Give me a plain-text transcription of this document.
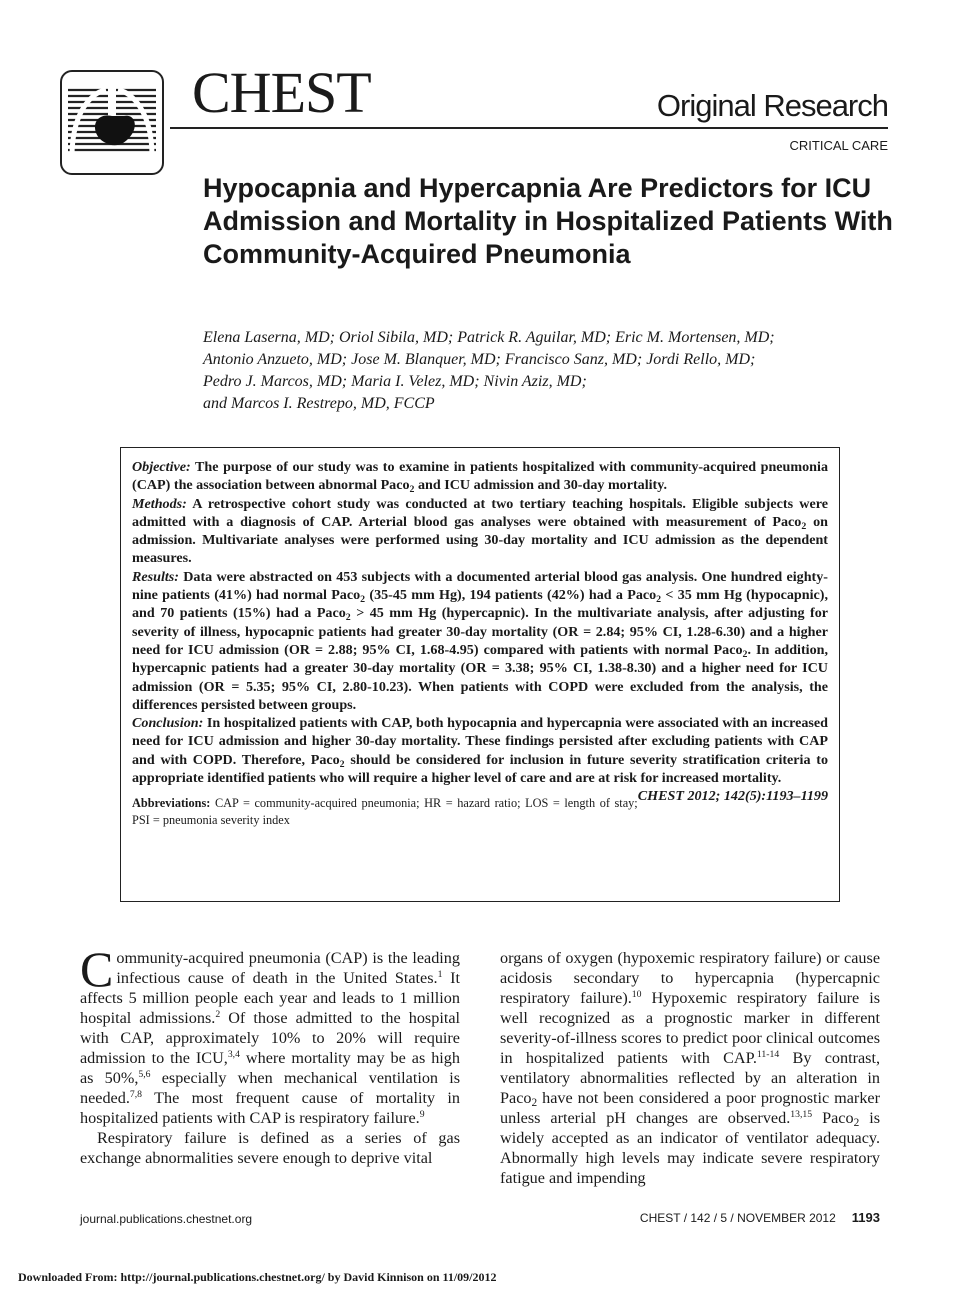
CHEST	Original Research
CRITICAL CARE
Hypocapnia and Hypercapnia Are Predictors for ICU Admission and Mortality in Hospitalized Patients With Community-Acquired Pneumonia
Elena Laserna, MD; Oriol Sibila, MD; Patrick R. Aguilar, MD; Eric M. Mortensen, MD;
Antonio Anzueto, MD; Jose M. Blanquer, MD; Francisco Sanz, MD; Jordi Rello, MD;
Pedro J. Marcos, MD; Maria I. Velez, MD; Nivin Aziz, MD;
and Marcos I. Restrepo, MD, FCCP

Objective: The purpose of our study was to examine in patients hospitalized with community-acquired pneumonia (CAP) the association between abnormal Paco$_2$ and ICU admission and 30-day mortality.

Methods: A retrospective cohort study was conducted at two tertiary teaching hospitals. Eligible subjects were admitted with a diagnosis of CAP. Arterial blood gas analyses were obtained with measurement of Paco$_2$ on admission. Multivariate analyses were performed using 30-day mortality and ICU admission as the dependent measures.

Results: Data were abstracted on 453 subjects with a documented arterial blood gas analysis. One hundred eighty-nine patients (41%) had normal Paco$_2$ (35-45 mm Hg), 194 patients (42%) had a Paco$_2$ < 35 mm Hg (hypocapnic), and 70 patients (15%) had a Paco$_2$ > 45 mm Hg (hypercapnic). In the multivariate analysis, after adjusting for severity of illness, hypocapnic patients had greater 30-day mortality (OR = 2.84; 95% CI, 1.28-6.30) and a higher need for ICU admission (OR = 2.88; 95% CI, 1.68-4.95) compared with patients with normal Paco$_2$. In addition, hypercapnic patients had a greater 30-day mortality (OR = 3.38; 95% CI, 1.38-8.30) and a higher need for ICU admission (OR = 5.35; 95% CI, 2.80-10.23). When patients with COPD were excluded from the analysis, the differences persisted between groups.

Conclusion: In hospitalized patients with CAP, both hypocapnia and hypercapnia were associated with an increased need for ICU admission and higher 30-day mortality. These findings persisted after excluding patients with CAP and with COPD. Therefore, Paco$_2$ should be considered for inclusion in future severity stratification criteria to appropriate identified patients who will require a higher level of care and are at risk for increased mortality.
CHEST 2012; 142(5):1193–1199

Abbreviations: CAP = community-acquired pneumonia; HR = hazard ratio; LOS = length of stay; PSI = pneumonia severity index

Community-acquired pneumonia (CAP) is the leading infectious cause of death in the United States.$^1$ It affects 5 million people each year and leads to 1 million hospital admissions.$^2$ Of those admitted to the hospital with CAP, approximately 10% to 20% will require admission to the ICU,$^{3,4}$ where mortality may be as high as 50%,$^{5,6}$ especially when mechanical ventilation is needed.$^{7,8}$ The most frequent cause of mortality in hospitalized patients with CAP is respiratory failure.$^9$

Respiratory failure is defined as a series of gas exchange abnormalities severe enough to deprive vital

organs of oxygen (hypoxemic respiratory failure) or cause acidosis secondary to hypercapnia (hypercapnic respiratory failure).$^{10}$ Hypoxemic respiratory failure is well recognized as a prognostic marker in different severity-of-illness scores to predict poor clinical outcomes in hospitalized patients with CAP.$^{11-14}$ By contrast, ventilatory abnormalities reflected by an alteration in Paco$_2$ have not been considered a poor prognostic marker unless arterial pH changes are observed.$^{13,15}$ Paco$_2$ is widely accepted as an indicator of ventilator adequacy. Abnormally high levels may indicate severe respiratory fatigue and impending

journal.publications.chestnet.org	CHEST / 142 / 5 / NOVEMBER 2012 1193
Downloaded From: http://journal.publications.chestnet.org/ by David Kinnison on 11/09/2012
